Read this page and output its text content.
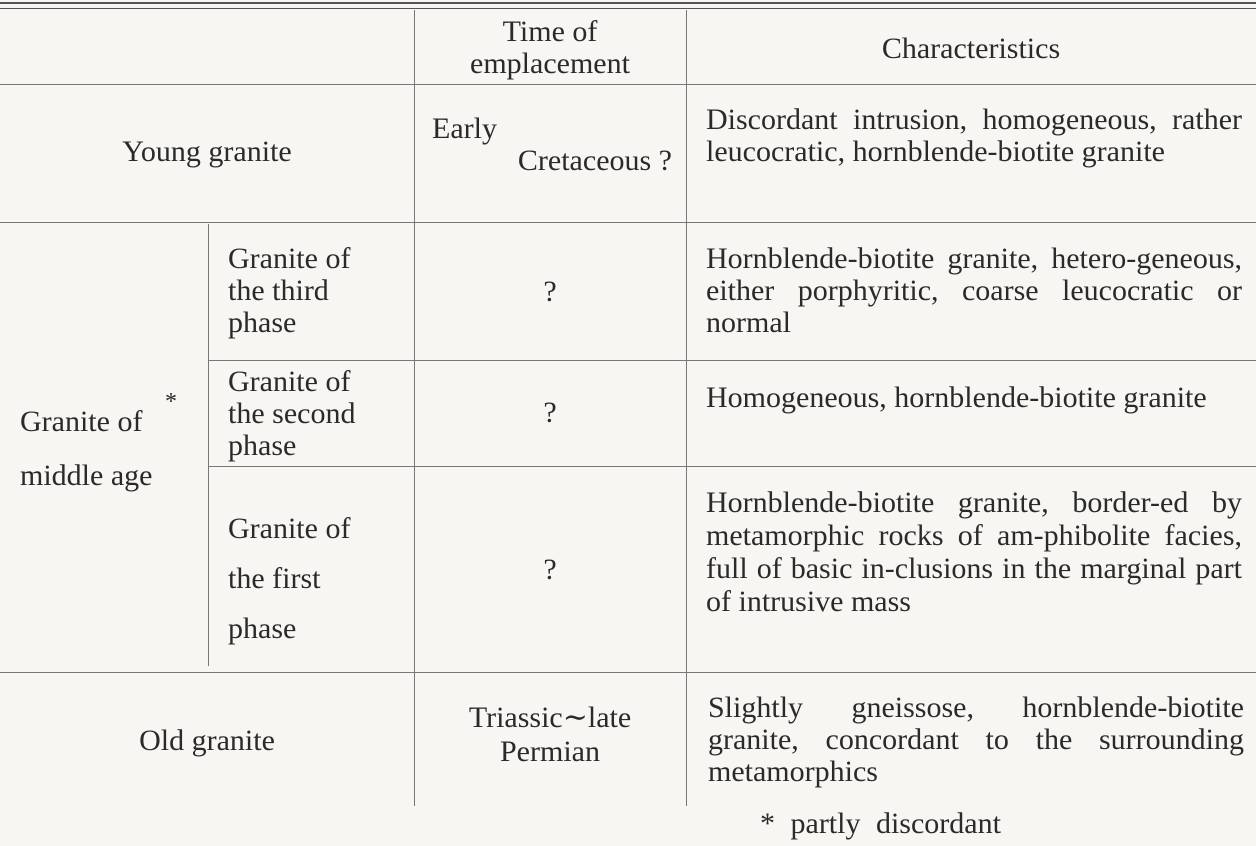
Time of
emplacement	Characteristics
Young granite
Early
Cretaceous ?
Discordant intrusion, homogeneous, rather leucocratic, hornblende-biotite granite
*
Granite of
middle age
Granite of
the third
phase
?
Hornblende-biotite granite, hetero-geneous, either porphyritic, coarse leucocratic or normal
Granite of
the second
phase
?	Homogeneous, hornblende-biotite granite
Granite of
the first
phase
?
Hornblende-biotite granite, border-ed by metamorphic rocks of am-phibolite facies, full of basic in-clusions in the marginal part of intrusive mass
Old granite
Triassic∼late
Permian
Slightly gneissose, hornblende-biotite granite, concordant to the surrounding metamorphics
* partly discordant
